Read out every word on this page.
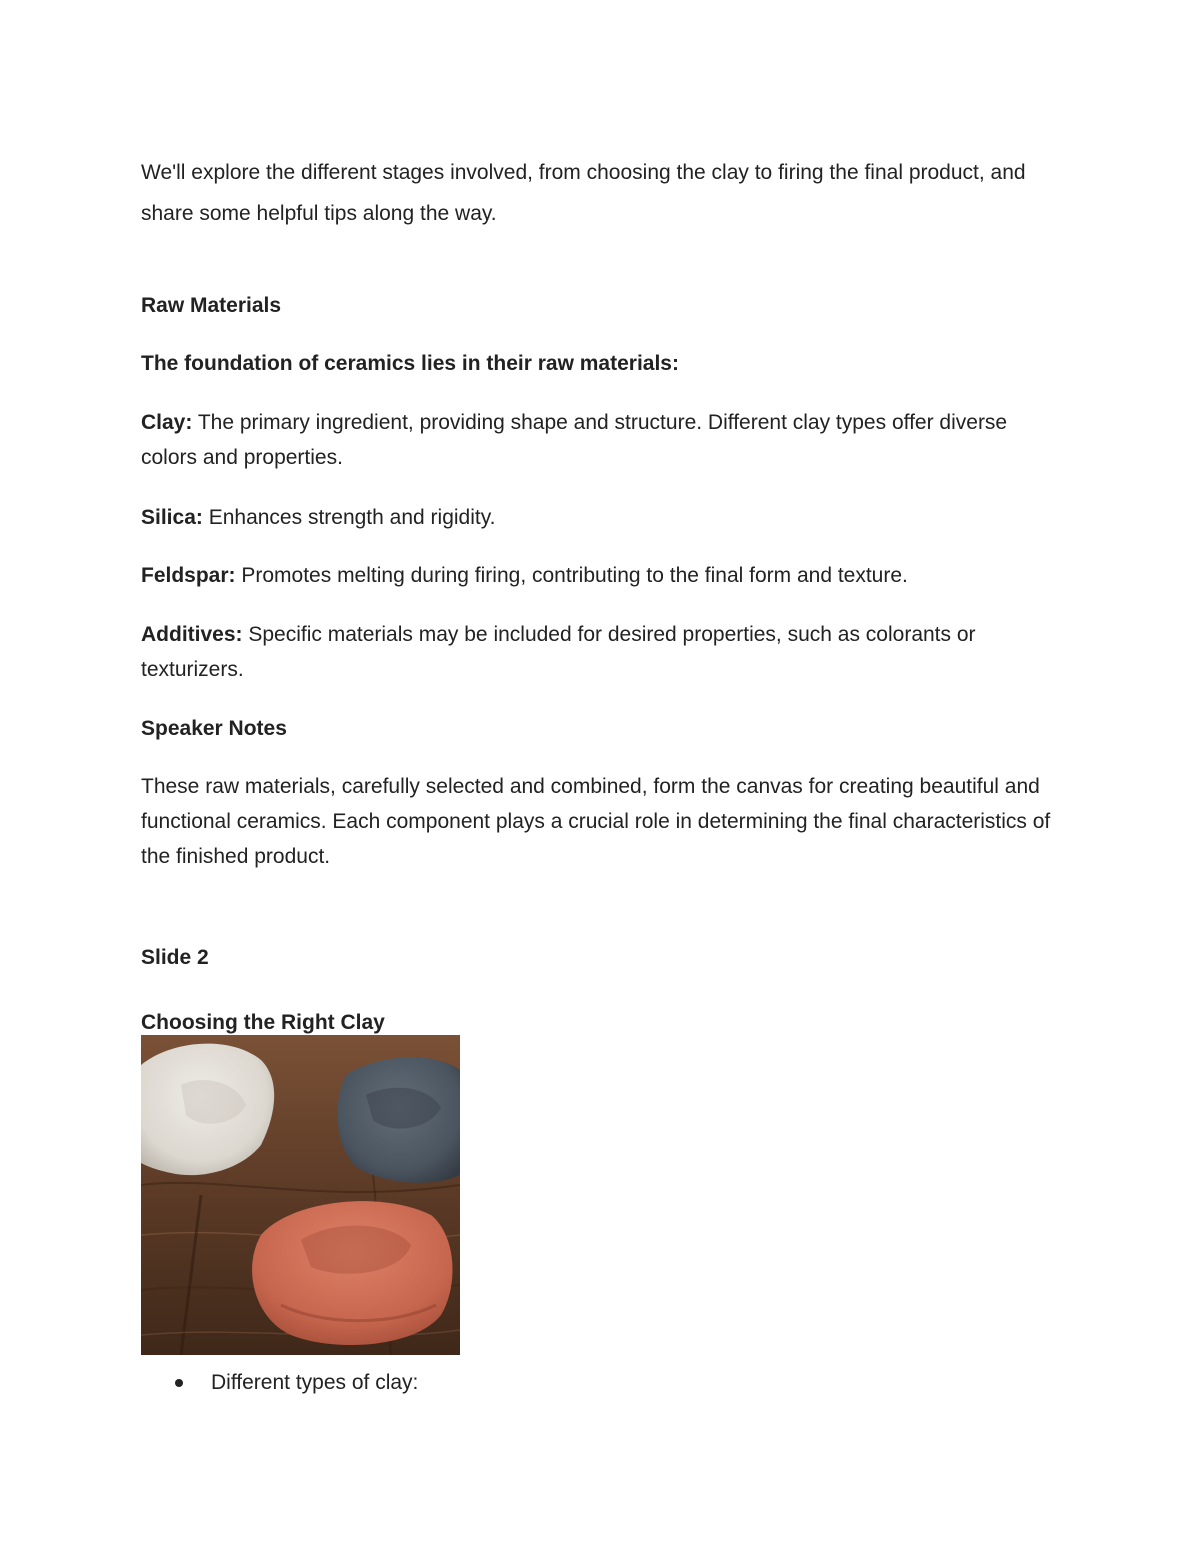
We'll explore the different stages involved, from choosing the clay to firing the final product, and share some helpful tips along the way.

Raw Materials

The foundation of ceramics lies in their raw materials:

Clay: The primary ingredient, providing shape and structure. Different clay types offer diverse colors and properties.

Silica: Enhances strength and rigidity.

Feldspar: Promotes melting during firing, contributing to the final form and texture.

Additives: Specific materials may be included for desired properties, such as colorants or texturizers.

Speaker Notes

These raw materials, carefully selected and combined, form the canvas for creating beautiful and functional ceramics. Each component plays a crucial role in determining the final characteristics of the finished product.

Slide 2

Choosing the Right Clay

Different types of clay:
